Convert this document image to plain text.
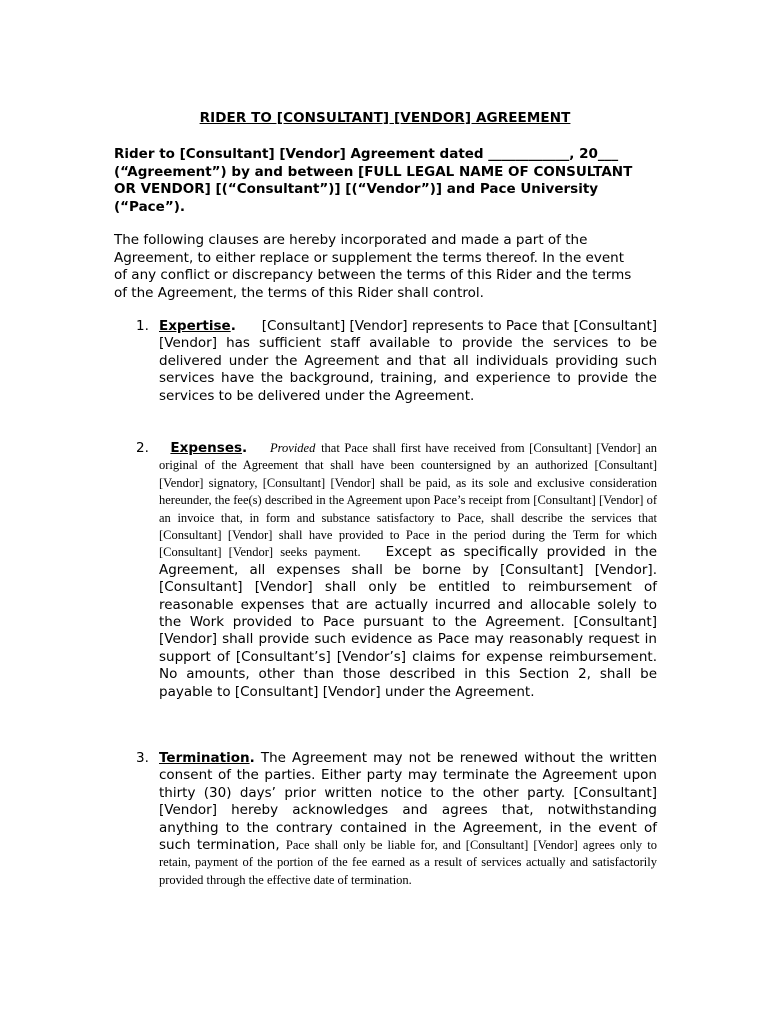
RIDER TO [CONSULTANT] [VENDOR] AGREEMENT
Rider to [Consultant] [Vendor] Agreement dated ____________, 20___ (“Agreement”) by and between [FULL LEGAL NAME OF CONSULTANT OR VENDOR] [(“Consultant”)] [(“Vendor”)] and Pace University (“Pace”).
The following clauses are hereby incorporated and made a part of the Agreement, to either replace or supplement the terms thereof. In the event of any conflict or discrepancy between the terms of this Rider and the terms of the Agreement, the terms of this Rider shall control.
1. Expertise. [Consultant] [Vendor] represents to Pace that [Consultant] [Vendor] has sufficient staff available to provide the services to be delivered under the Agreement and that all individuals providing such services have the background, training, and experience to provide the services to be delivered under the Agreement.
2.	Expenses. Provided that Pace shall first have received from [Consultant] [Vendor] an original of the Agreement that shall have been countersigned by an authorized [Consultant] [Vendor] signatory, [Consultant] [Vendor] shall be paid, as its sole and exclusive consideration hereunder, the fee(s) described in the Agreement upon Pace’s receipt from [Consultant] [Vendor] of an invoice that, in form and substance satisfactory to Pace, shall describe the services that [Consultant] [Vendor] shall have provided to Pace in the period during the Term for which [Consultant] [Vendor] seeks payment. Except as specifically provided in the Agreement, all expenses shall be borne by [Consultant] [Vendor]. [Consultant] [Vendor] shall only be entitled to reimbursement of reasonable expenses that are actually incurred and allocable solely to the Work provided to Pace pursuant to the Agreement. [Consultant] [Vendor] shall provide such evidence as Pace may reasonably request in support of [Consultant’s] [Vendor’s] claims for expense reimbursement. No amounts, other than those described in this Section 2, shall be payable to [Consultant] [Vendor] under the Agreement.
3. Termination. The Agreement may not be renewed without the written consent of the parties. Either party may terminate the Agreement upon thirty (30) days’ prior written notice to the other party. [Consultant] [Vendor] hereby acknowledges and agrees that, notwithstanding anything to the contrary contained in the Agreement, in the event of such termination, Pace shall only be liable for, and [Consultant] [Vendor] agrees only to retain, payment of the portion of the fee earned as a result of services actually and satisfactorily provided through the effective date of termination.
